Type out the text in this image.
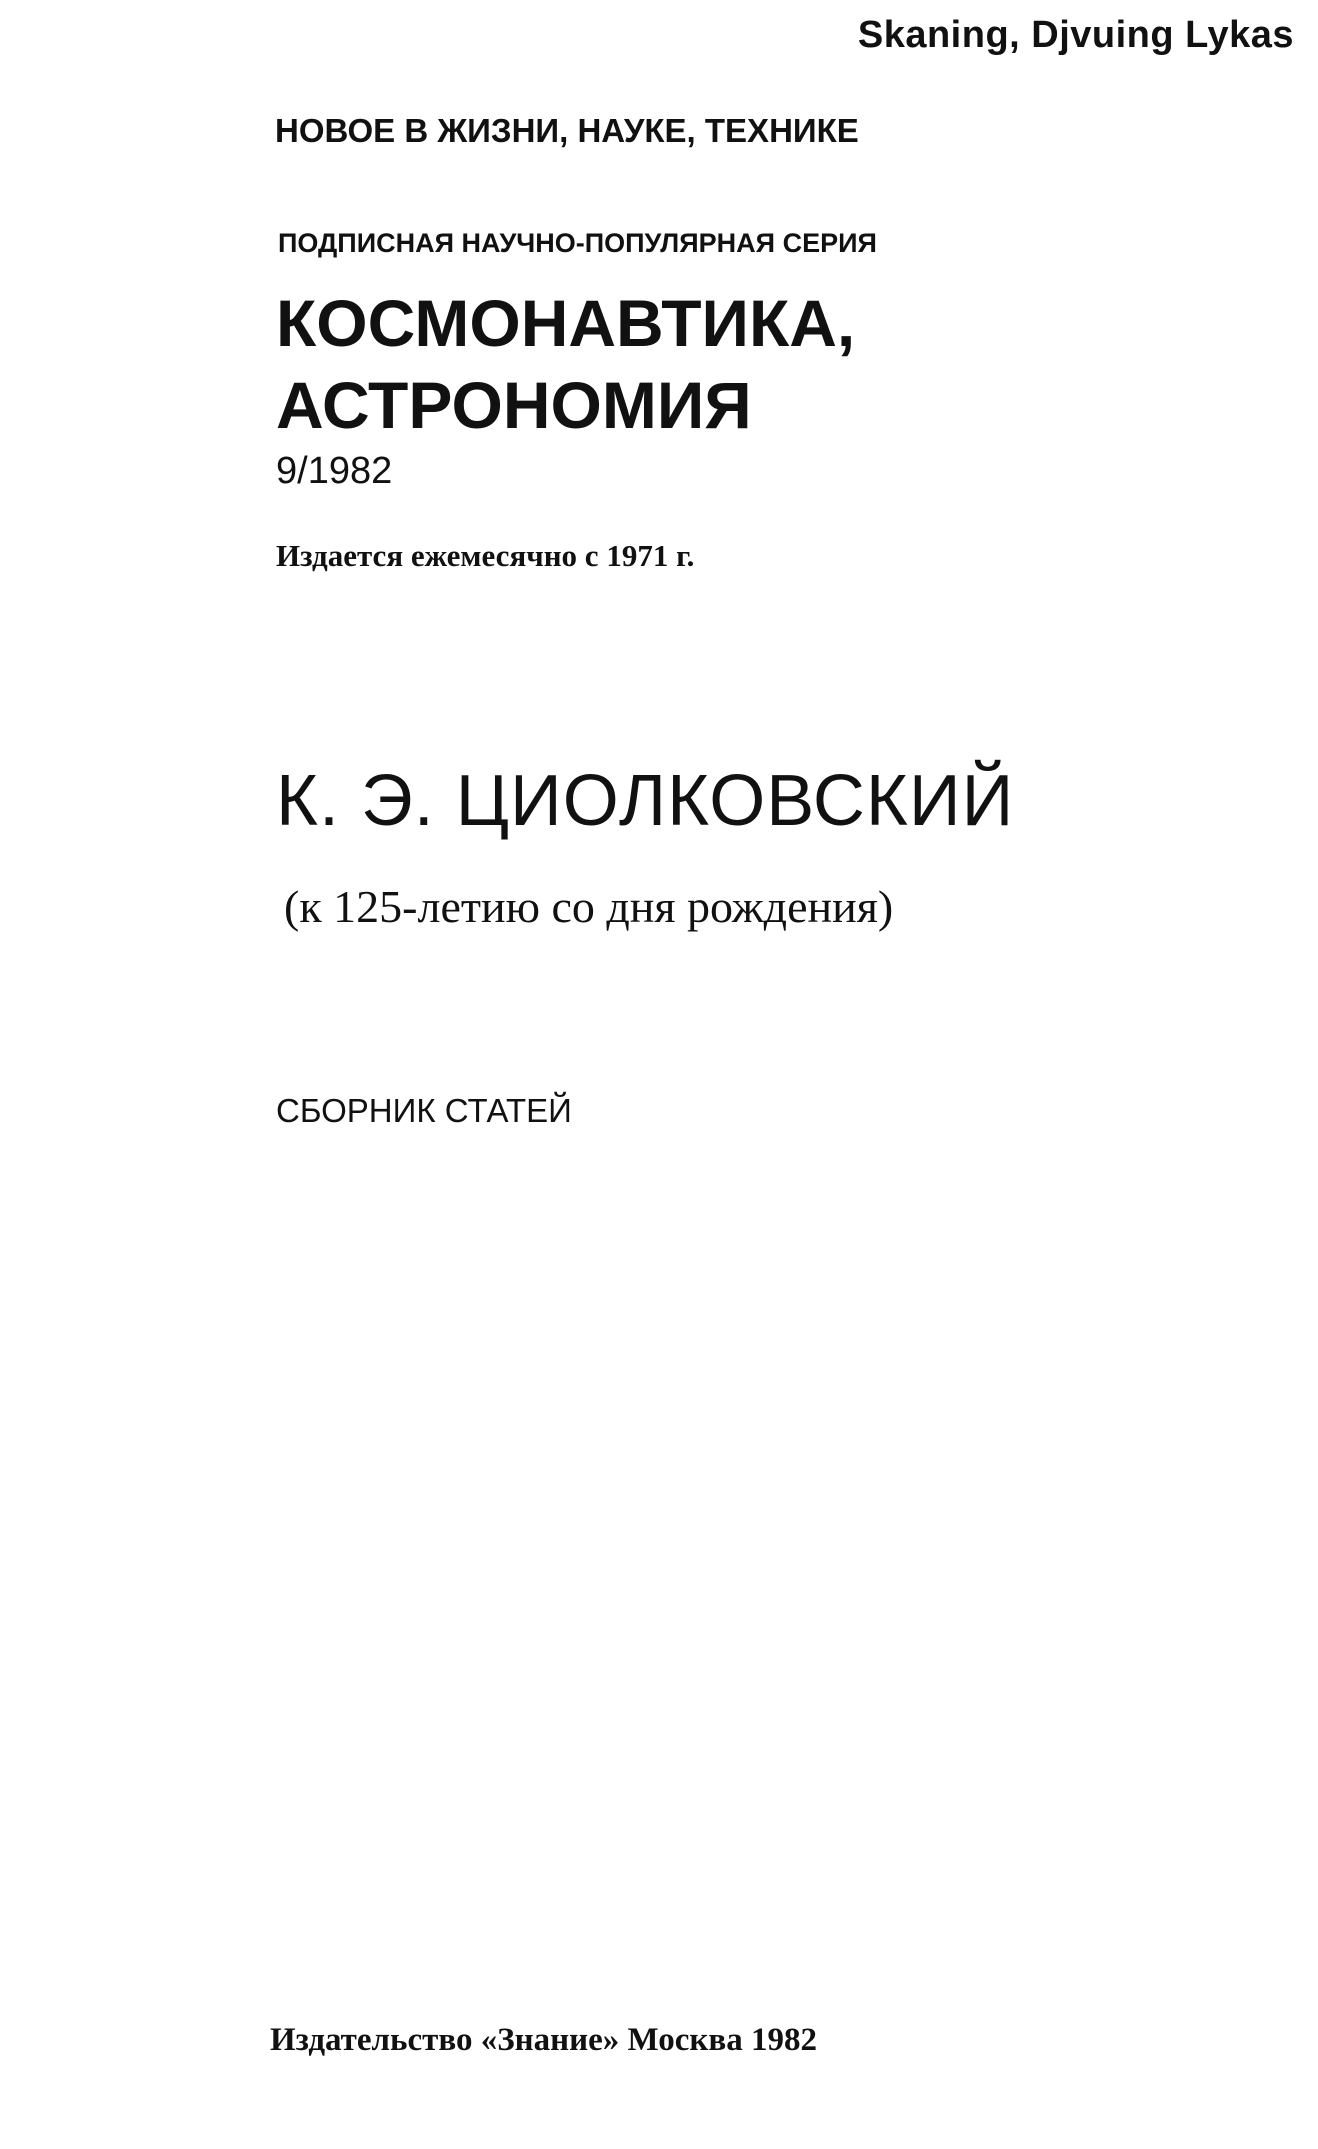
Skaning, Djvuing Lykas
НОВОЕ В ЖИЗНИ, НАУКЕ, ТЕХНИКЕ
ПОДПИСНАЯ НАУЧНО-ПОПУЛЯРНАЯ СЕРИЯ
КОСМОНАВТИКА,
АСТРОНОМИЯ
9/1982
Издается ежемесячно с 1971 г.
К. Э. ЦИОЛКОВСКИЙ
(к 125-летию со дня рождения)
СБОРНИК СТАТЕЙ
Издательство «Знание» Москва 1982
